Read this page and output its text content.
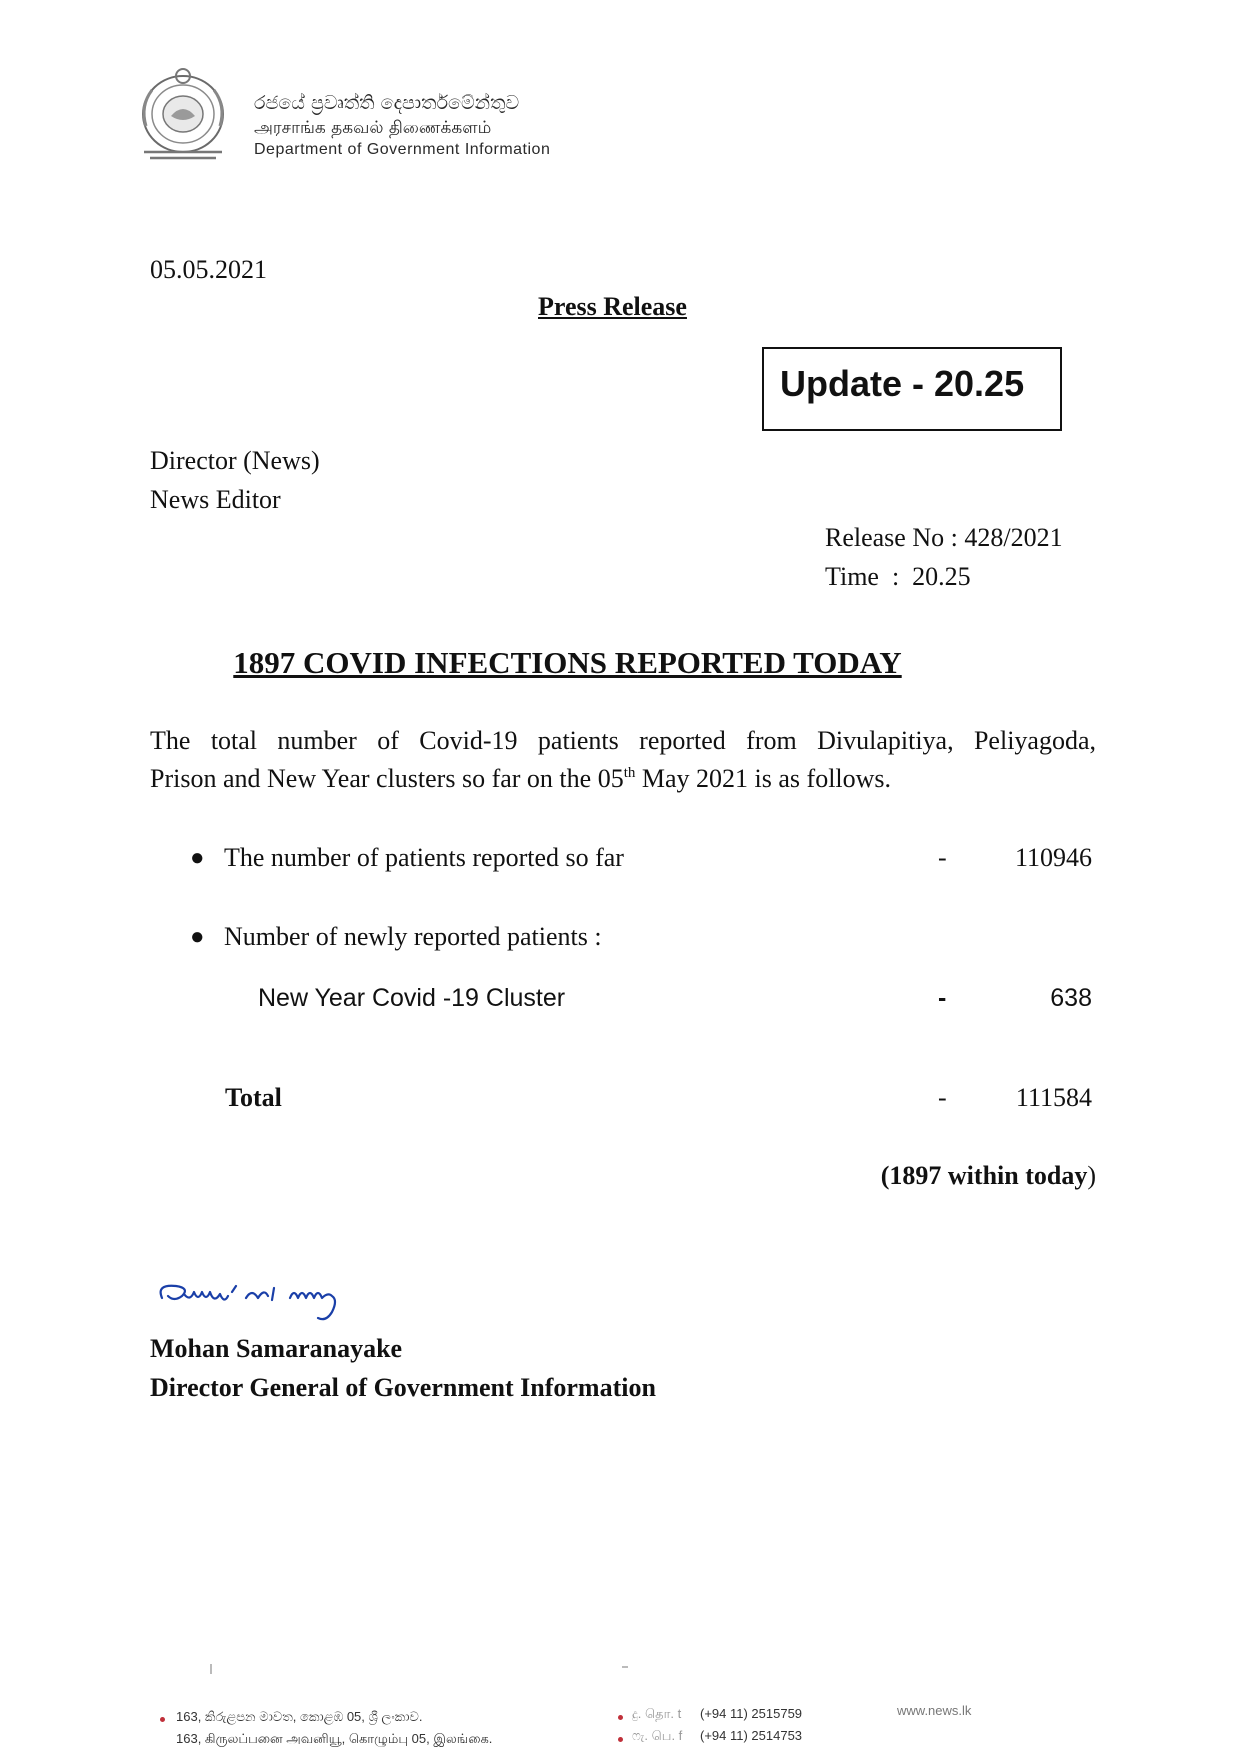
රජයේ ප්‍රවෘත්ති දෙපාර්තමේන්තුව
அரசாங்க தகவல் திணைக்களம்
Department of Government Information
05.05.2021
Press Release
Update - 20.25
Director (News)
News Editor
Release No : 428/2021
Time  :  20.25
1897 COVID INFECTIONS REPORTED TODAY
The total number of Covid-19 patients reported from Divulapitiya, Peliyagoda,
Prison and New Year clusters so far on the 05th May 2021 is as follows.
● The number of patients reported so far	-	110946
● Number of newly reported patients :
New Year Covid -19 Cluster	-	638
Total	-	111584
(1897 within today)
Mohan Samaranayake
Director General of Government Information
163, කිරුළපන මාවත, කොළඹ 05, ශ්‍රී ලංකාව.
163, கிருலப்பனை அவனியூ, கொழும்பு 05, இலங்கை.
දු. தொ. t
ෆැ. பெ. f
(+94 11) 2515759
(+94 11) 2514753
www.news.lk
